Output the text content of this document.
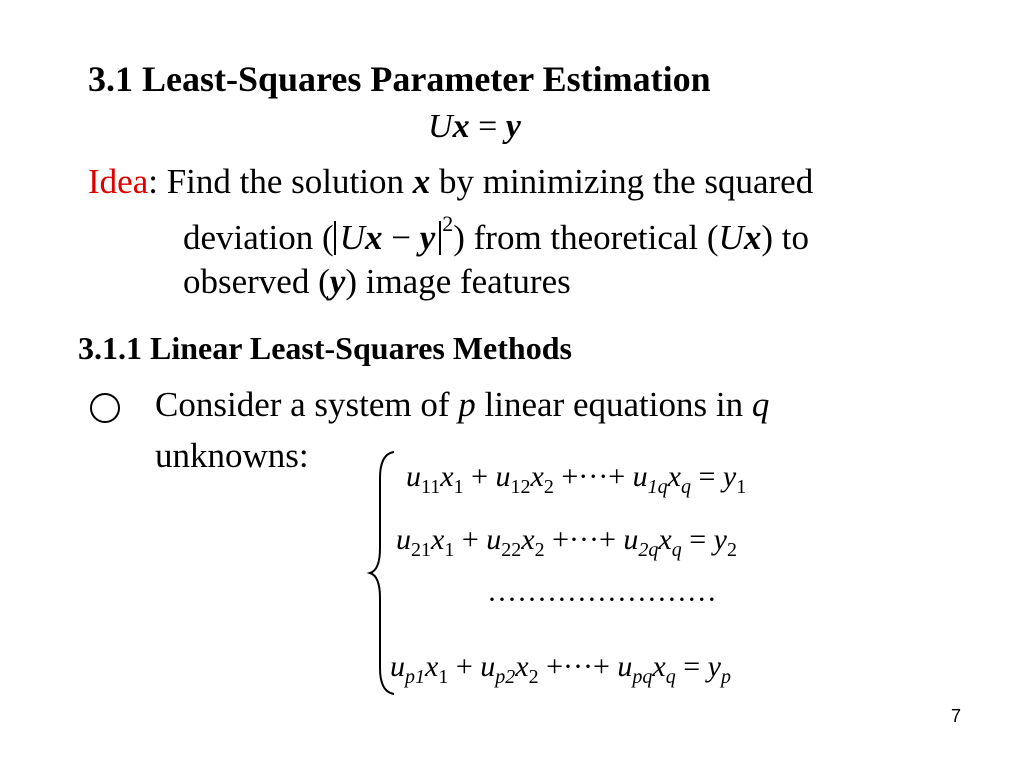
3.1 Least-Squares Parameter Estimation
Ux = y
Idea: Find the solution x by minimizing the squared
deviation ( Ux − y $^2$) from theoretical (Ux) to
observed (y) image features
3.1.1 Linear Least-Squares Methods
Consider a system of p linear equations in q
unknowns:
$u_{11}x_1 + u_{12}x_2$ +···+ $u_{1q}x_q = y_1$
$u_{21}x_1 + u_{22}x_2$ +···+ $u_{2q}x_q = y_2$
·······················
$u_{p1}x_1 + u_{p2}x_2$ +···+ $u_{pq}x_q = y_p$
7
